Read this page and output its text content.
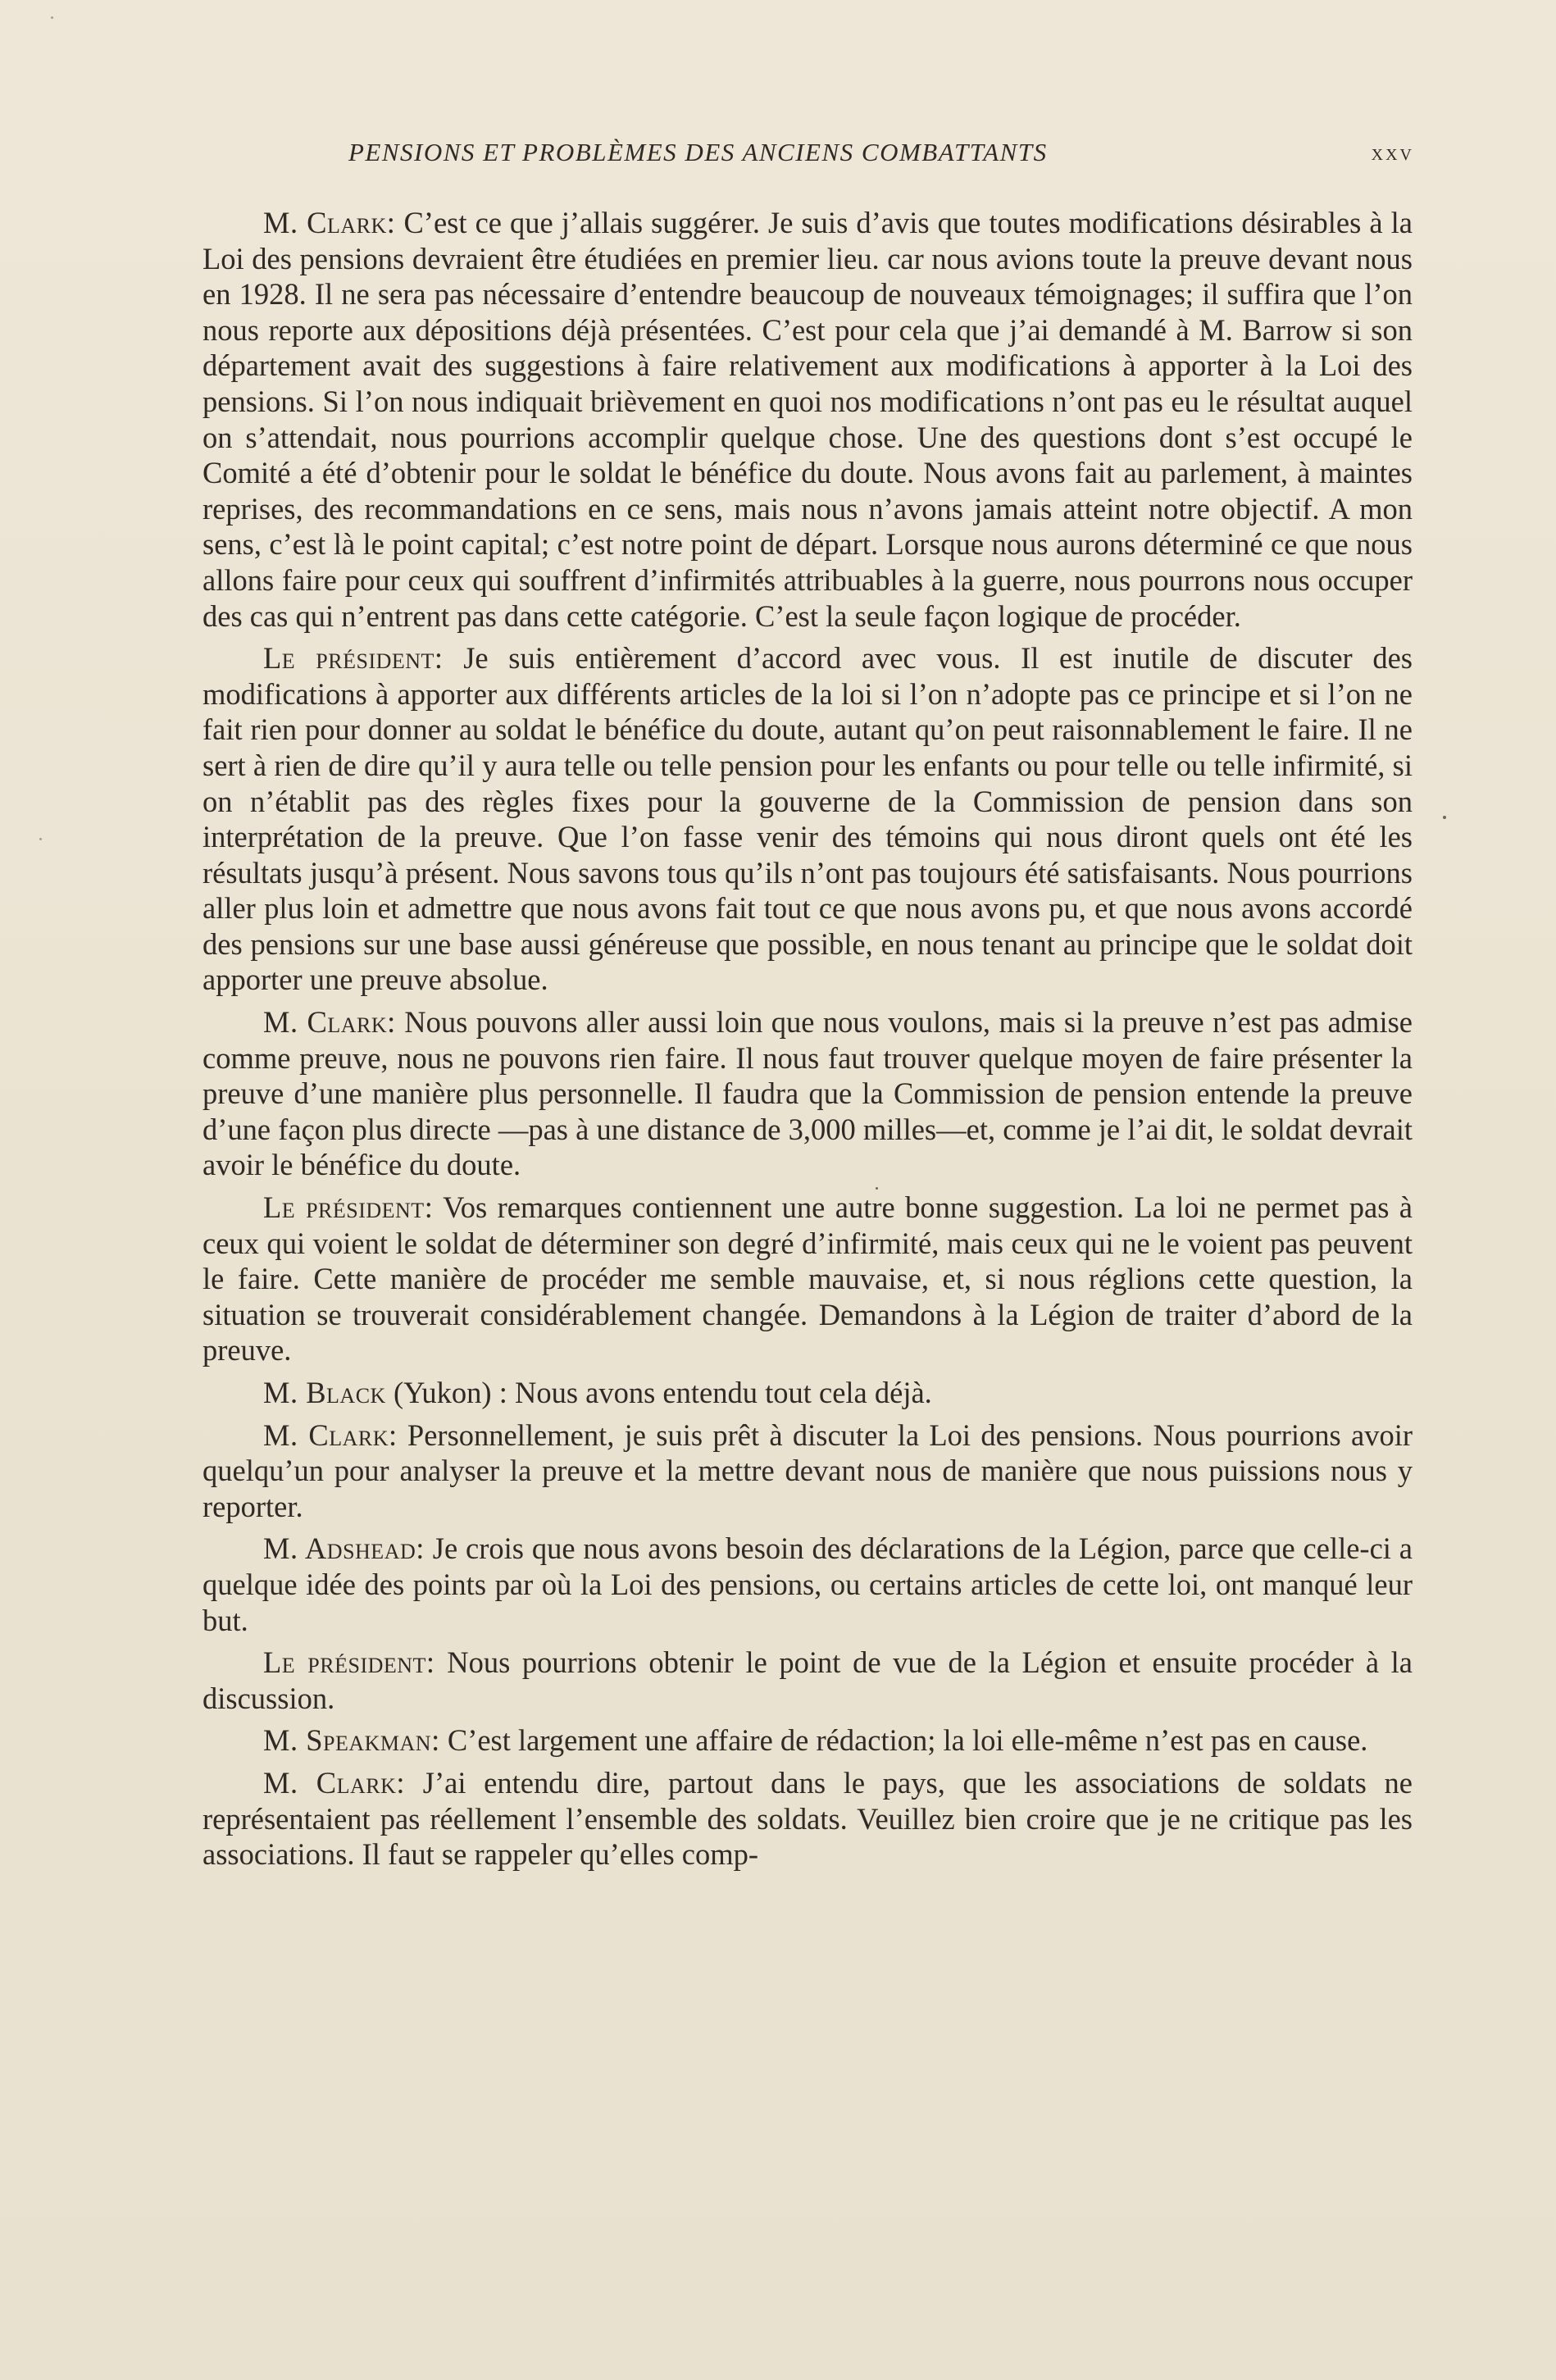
PENSIONS ET PROBLÈMES DES ANCIENS COMBATTANTS	xxv

M. Clark: C’est ce que j’allais suggérer. Je suis d’avis que toutes modifications désirables à la Loi des pensions devraient être étudiées en premier lieu. car nous avions toute la preuve devant nous en 1928. Il ne sera pas nécessaire d’entendre beaucoup de nouveaux témoignages; il suffira que l’on nous reporte aux dépositions déjà présentées. C’est pour cela que j’ai demandé à M. Barrow si son département avait des suggestions à faire relativement aux modifications à apporter à la Loi des pensions. Si l’on nous indiquait brièvement en quoi nos modifications n’ont pas eu le résultat auquel on s’attendait, nous pourrions accomplir quelque chose. Une des questions dont s’est occupé le Comité a été d’obtenir pour le soldat le bénéfice du doute. Nous avons fait au parlement, à maintes reprises, des recommandations en ce sens, mais nous n’avons jamais atteint notre objectif. A mon sens, c’est là le point capital; c’est notre point de départ. Lorsque nous aurons déterminé ce que nous allons faire pour ceux qui souffrent d’infirmités attribuables à la guerre, nous pourrons nous occuper des cas qui n’entrent pas dans cette catégorie. C’est la seule façon logique de procéder.

Le président: Je suis entièrement d’accord avec vous. Il est inutile de discuter des modifications à apporter aux différents articles de la loi si l’on n’adopte pas ce principe et si l’on ne fait rien pour donner au soldat le bénéfice du doute, autant qu’on peut raisonnablement le faire. Il ne sert à rien de dire qu’il y aura telle ou telle pension pour les enfants ou pour telle ou telle infirmité, si on n’établit pas des règles fixes pour la gouverne de la Commission de pension dans son interprétation de la preuve. Que l’on fasse venir des témoins qui nous diront quels ont été les résultats jusqu’à présent. Nous savons tous qu’ils n’ont pas toujours été satisfaisants. Nous pourrions aller plus loin et admettre que nous avons fait tout ce que nous avons pu, et que nous avons accordé des pensions sur une base aussi généreuse que possible, en nous tenant au principe que le soldat doit apporter une preuve absolue.

M. Clark: Nous pouvons aller aussi loin que nous voulons, mais si la preuve n’est pas admise comme preuve, nous ne pouvons rien faire. Il nous faut trouver quelque moyen de faire présenter la preuve d’une manière plus personnelle. Il faudra que la Commission de pension entende la preuve d’une façon plus directe —pas à une distance de 3,000 milles—et, comme je l’ai dit, le soldat devrait avoir le bénéfice du doute.

Le président: Vos remarques contiennent une autre bonne suggestion. La loi ne permet pas à ceux qui voient le soldat de déterminer son degré d’infirmité, mais ceux qui ne le voient pas peuvent le faire. Cette manière de procéder me semble mauvaise, et, si nous réglions cette question, la situation se trouverait considérablement changée. Demandons à la Légion de traiter d’abord de la preuve.

M. Black (Yukon) : Nous avons entendu tout cela déjà.

M. Clark: Personnellement, je suis prêt à discuter la Loi des pensions. Nous pourrions avoir quelqu’un pour analyser la preuve et la mettre devant nous de manière que nous puissions nous y reporter.

M. Adshead: Je crois que nous avons besoin des déclarations de la Légion, parce que celle-ci a quelque idée des points par où la Loi des pensions, ou certains articles de cette loi, ont manqué leur but.

Le président: Nous pourrions obtenir le point de vue de la Légion et ensuite procéder à la discussion.

M. Speakman: C’est largement une affaire de rédaction; la loi elle-même n’est pas en cause.

M. Clark: J’ai entendu dire, partout dans le pays, que les associations de soldats ne représentaient pas réellement l’ensemble des soldats. Veuillez bien croire que je ne critique pas les associations. Il faut se rappeler qu’elles comp-
